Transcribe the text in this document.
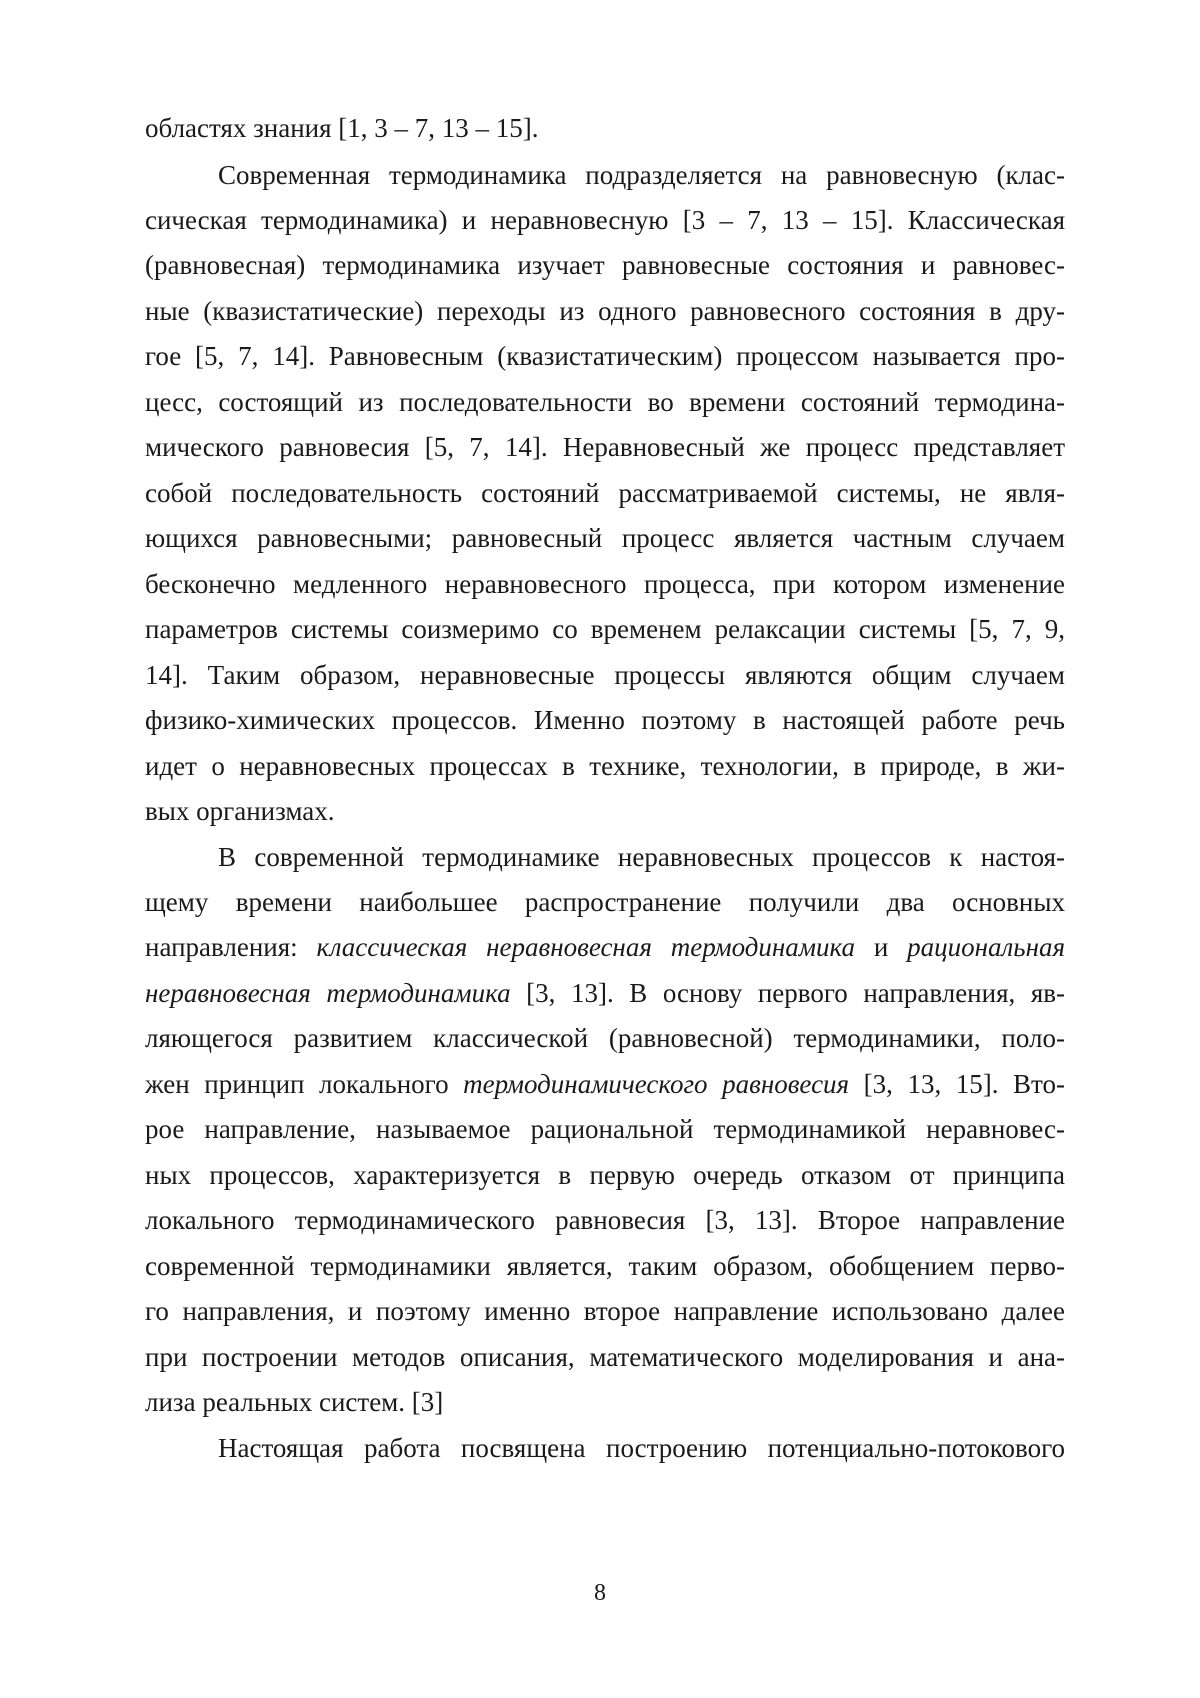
областях знания [1, 3 – 7, 13 – 15].
Современная термодинамика подразделяется на равновесную (клас-
сическая термодинамика) и неравновесную [3 – 7, 13 – 15]. Классическая
(равновесная) термодинамика изучает равновесные состояния и равновес-
ные (квазистатические) переходы из одного равновесного состояния в дру-
гое [5, 7, 14]. Равновесным (квазистатическим) процессом называется про-
цесс, состоящий из последовательности во времени состояний термодина-
мического равновесия [5, 7, 14]. Неравновесный же процесс представляет
собой последовательность состояний рассматриваемой системы, не явля-
ющихся равновесными; равновесный процесс является частным случаем
бесконечно медленного неравновесного процесса, при котором изменение
параметров системы соизмеримо со временем релаксации системы [5, 7, 9,
14]. Таким образом, неравновесные процессы являются общим случаем
физико-химических процессов. Именно поэтому в настоящей работе речь
идет о неравновесных процессах в технике, технологии, в природе, в жи-
вых организмах.
В современной термодинамике неравновесных процессов к настоя-
щему времени наибольшее распространение получили два основных
направления: классическая неравновесная термодинамика и рациональная
неравновесная термодинамика [3, 13]. В основу первого направления, яв-
ляющегося развитием классической (равновесной) термодинамики, поло-
жен принцип локального термодинамического равновесия [3, 13, 15]. Вто-
рое направление, называемое рациональной термодинамикой неравновес-
ных процессов, характеризуется в первую очередь отказом от принципа
локального термодинамического равновесия [3, 13]. Второе направление
современной термодинамики является, таким образом, обобщением перво-
го направления, и поэтому именно второе направление использовано далее
при построении методов описания, математического моделирования и ана-
лиза реальных систем. [3]
Настоящая работа посвящена построению потенциально-потокового
8
